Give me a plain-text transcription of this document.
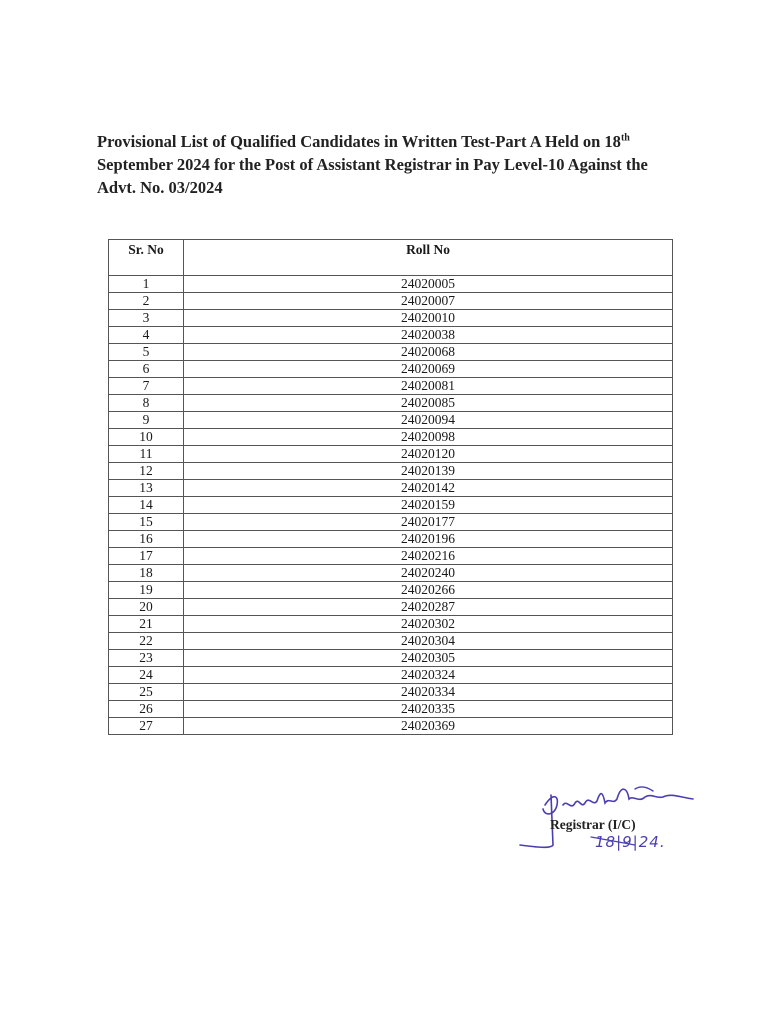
Provisional List of Qualified Candidates in Written Test-Part A Held on 18th
September 2024 for the Post of Assistant Registrar in Pay Level-10 Against the
Advt. No. 03/2024
Sr. No	Roll No
1	24020005
2	24020007
3	24020010
4	24020038
5	24020068
6	24020069
7	24020081
8	24020085
9	24020094
10	24020098
11	24020120
12	24020139
13	24020142
14	24020159
15	24020177
16	24020196
17	24020216
18	24020240
19	24020266
20	24020287
21	24020302
22	24020304
23	24020305
24	24020324
25	24020334
26	24020335
27	24020369
Registrar (I/C)
18|9|24.
